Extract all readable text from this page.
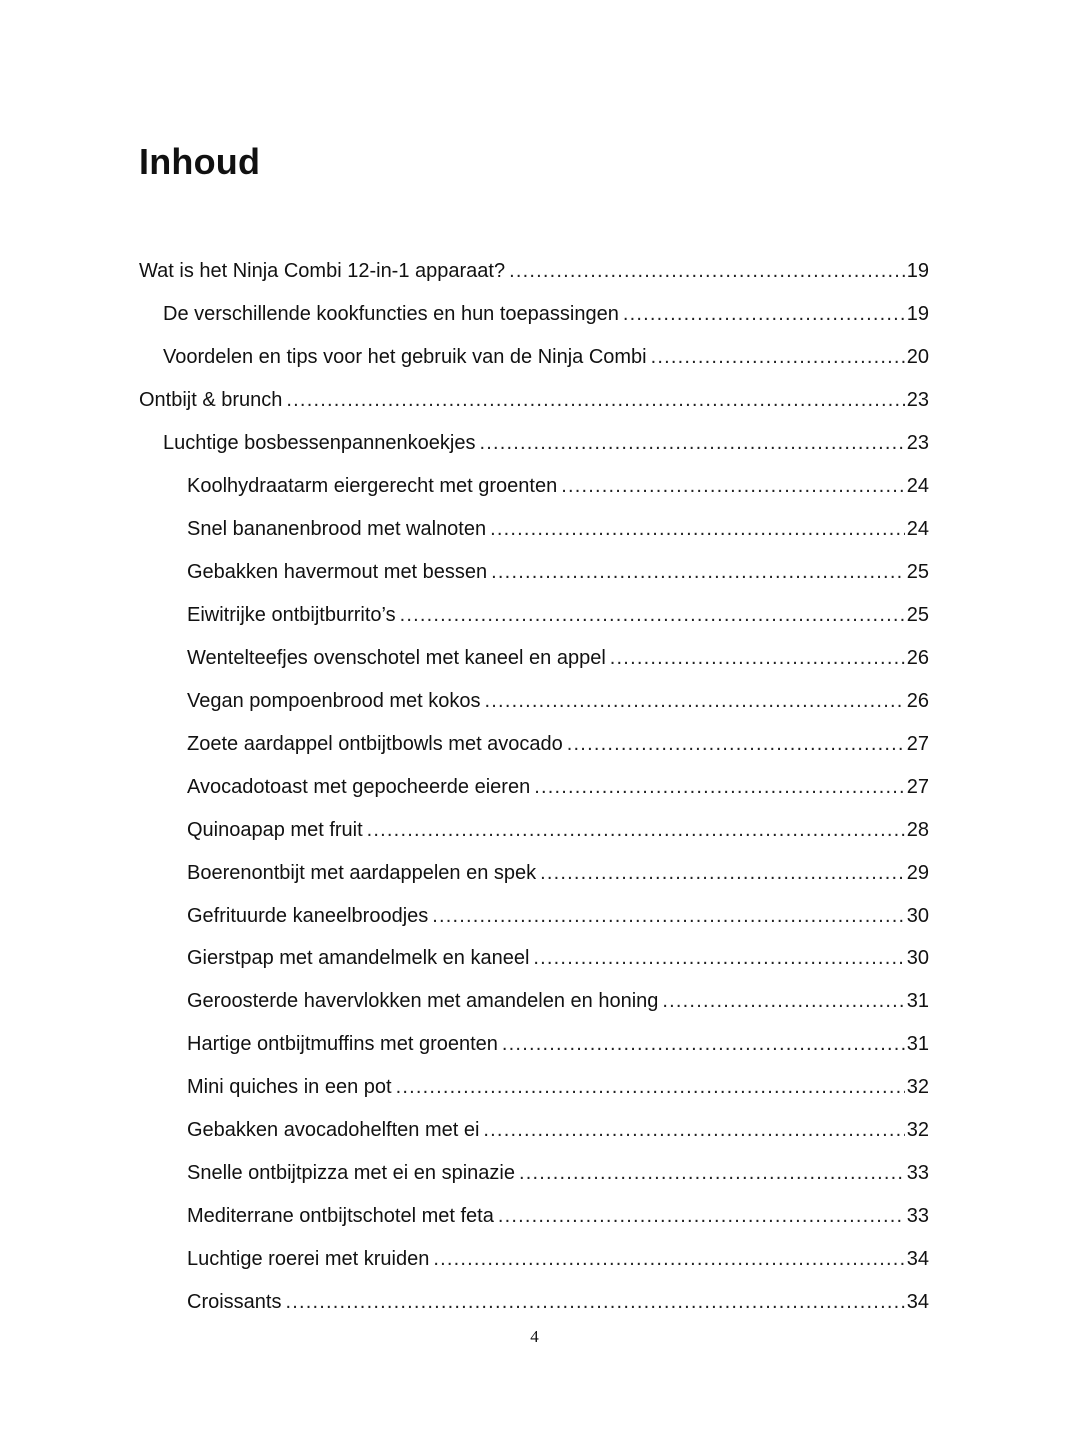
Inhoud
Wat is het Ninja Combi 12-in-1 apparaat? .....	19
De verschillende kookfuncties en hun toepassingen .....	19
Voordelen en tips voor het gebruik van de Ninja Combi .....	20
Ontbijt & brunch .....	23
Luchtige bosbessenpannenkoekjes .....	23
Koolhydraatarm eiergerecht met groenten .....	24
Snel bananenbrood met walnoten .....	24
Gebakken havermout met bessen .....	25
Eiwitrijke ontbijtburrito’s .....	25
Wentelteefjes ovenschotel met kaneel en appel .....	26
Vegan pompoenbrood met kokos .....	26
Zoete aardappel ontbijtbowls met avocado .....	27
Avocadotoast met gepocheerde eieren .....	27
Quinoapap met fruit .....	28
Boerenontbijt met aardappelen en spek .....	29
Gefrituurde kaneelbroodjes .....	30
Gierstpap met amandelmelk en kaneel .....	30
Geroosterde havervlokken met amandelen en honing .....	31
Hartige ontbijtmuffins met groenten .....	31
Mini quiches in een pot .....	32
Gebakken avocadohelften met ei .....	32
Snelle ontbijtpizza met ei en spinazie .....	33
Mediterrane ontbijtschotel met feta .....	33
Luchtige roerei met kruiden .....	34
Croissants .....	34
4
